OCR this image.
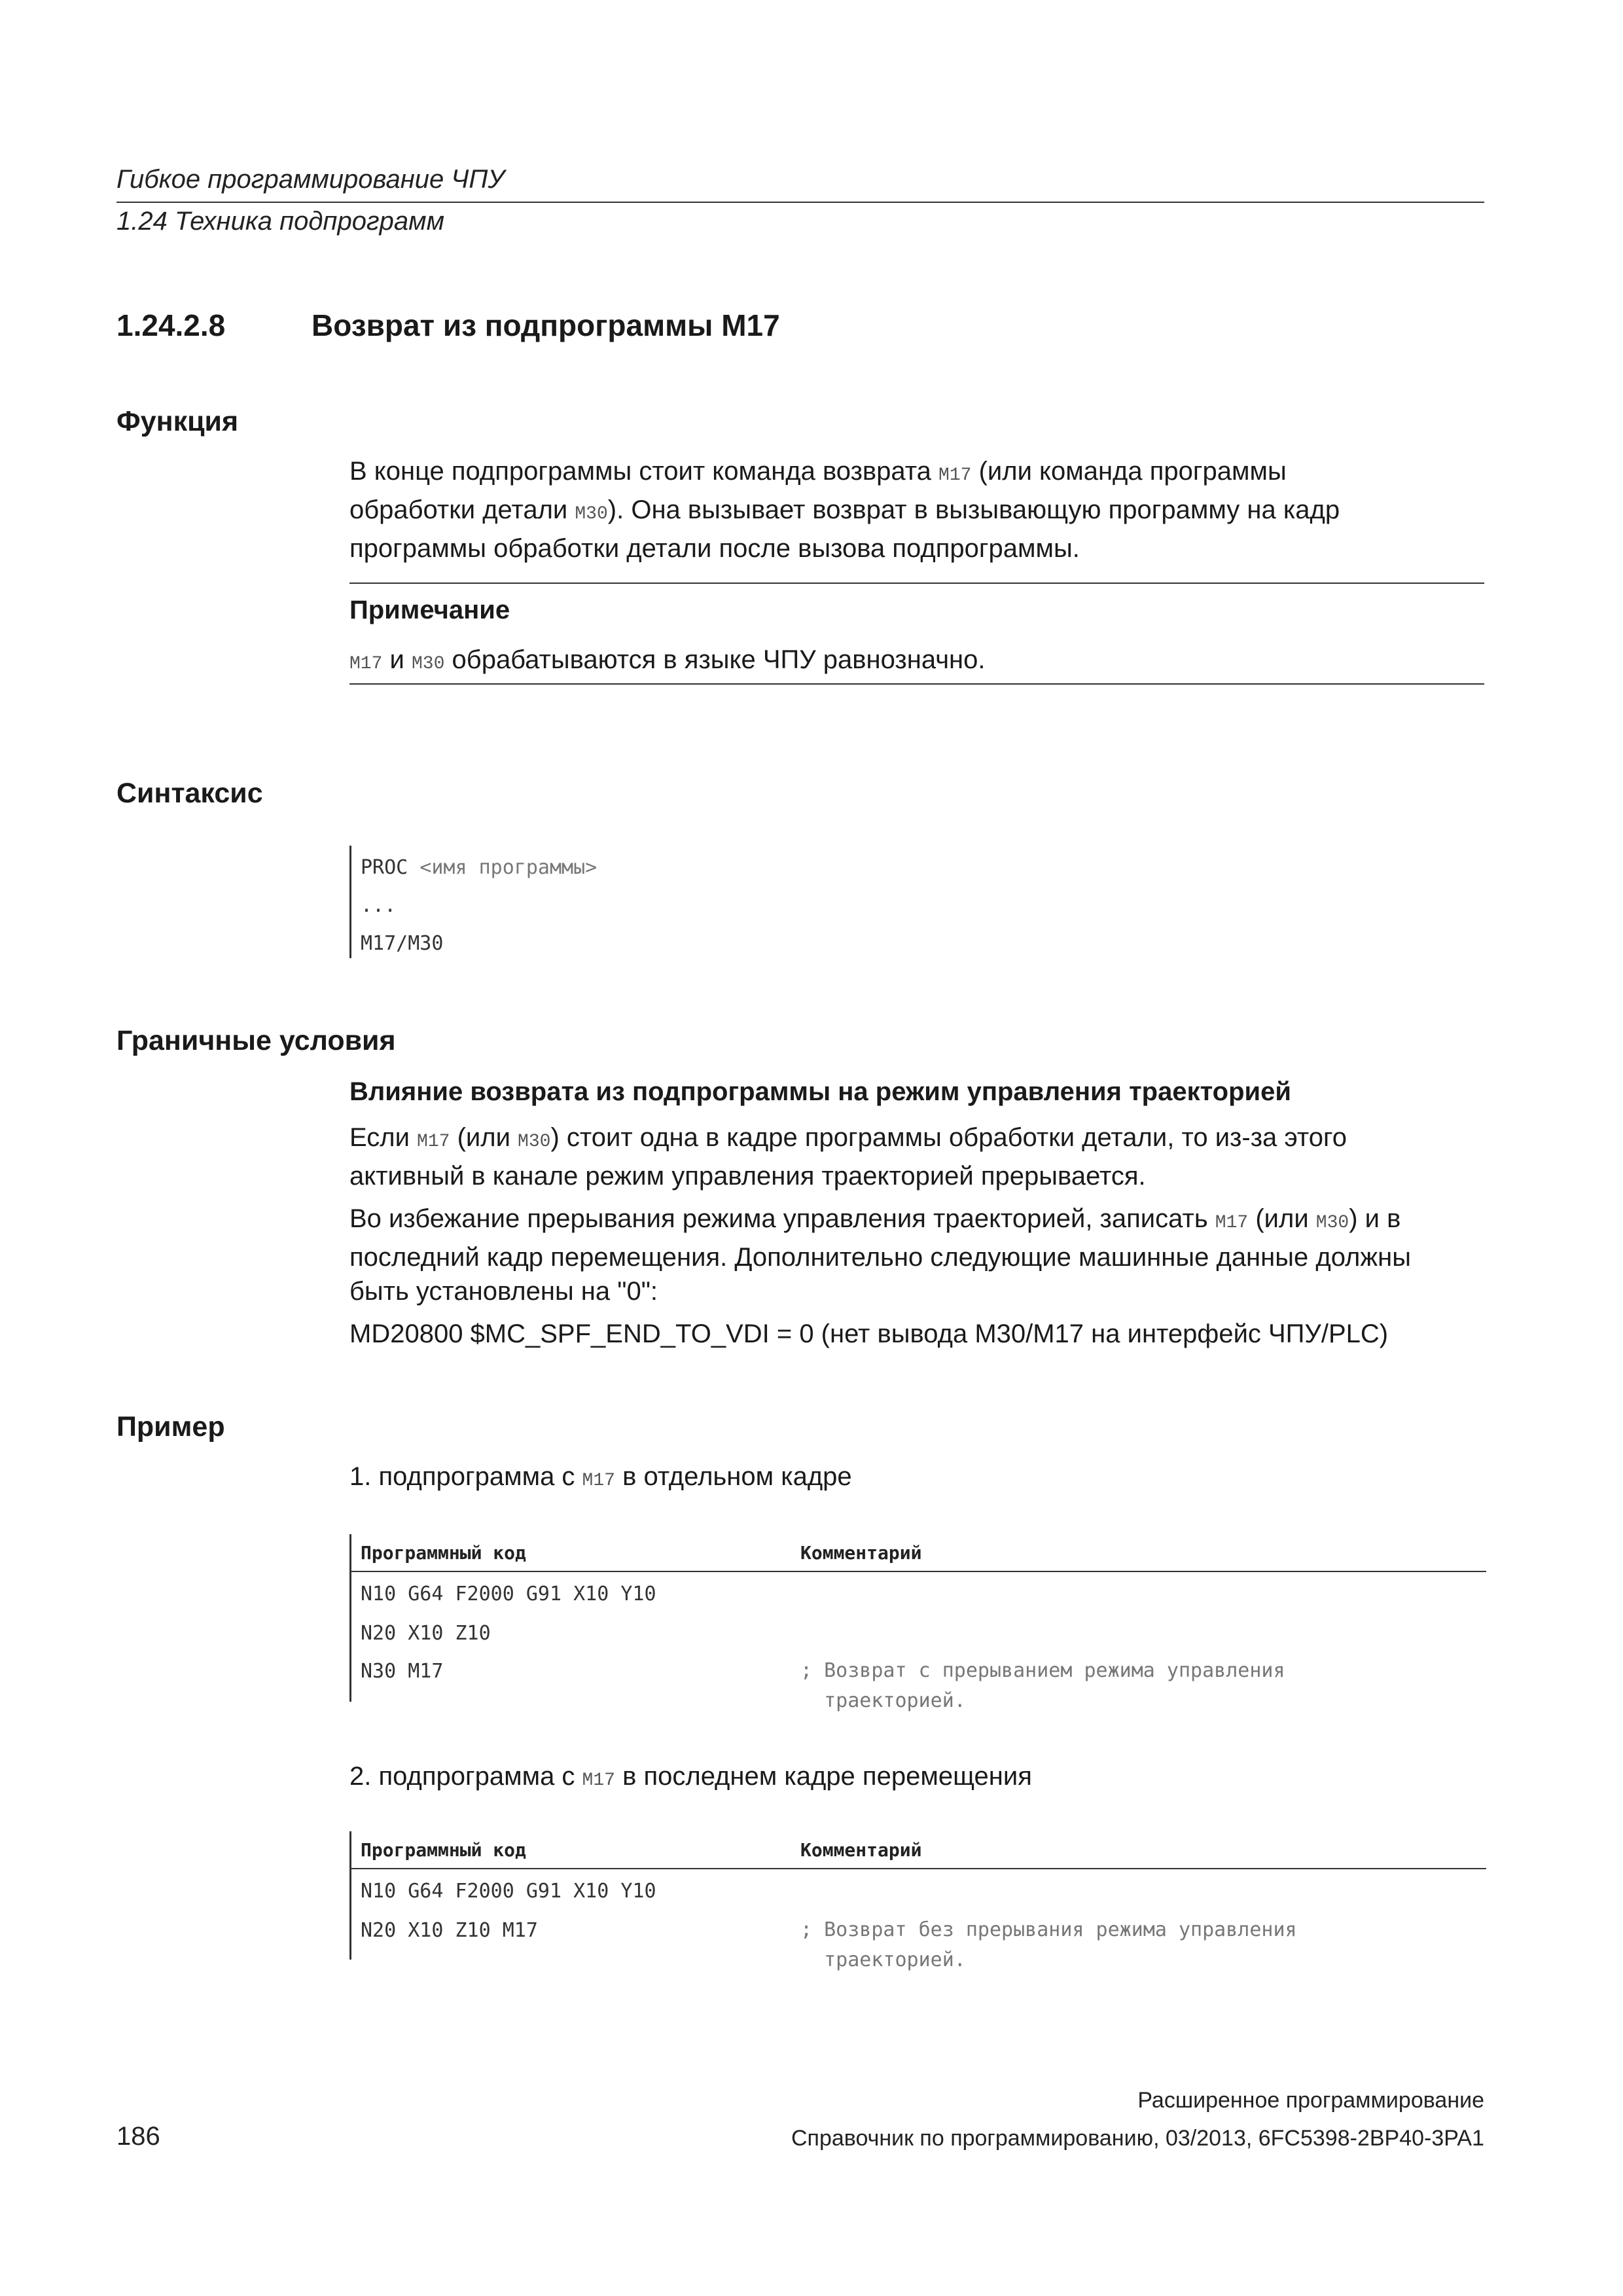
Гибкое программирование ЧПУ
1.24 Техника подпрограмм
1.24.2.8	Возврат из подпрограммы M17
Функция
В конце подпрограммы стоит команда возврата M17 (или команда программы
обработки детали M30). Она вызывает возврат в вызывающую программу на кадр
программы обработки детали после вызова подпрограммы.
Примечание
M17 и M30 обрабатываются в языке ЧПУ равнозначно.
Синтаксис
PROC <имя программы>
...
M17/M30
Граничные условия
Влияние возврата из подпрограммы на режим управления траекторией
Если M17 (или M30) стоит одна в кадре программы обработки детали, то из-за этого
активный в канале режим управления траекторией прерывается.
Во избежание прерывания режима управления траекторией, записать M17 (или M30) и в
последний кадр перемещения. Дополнительно следующие машинные данные должны
быть установлены на "0":
MD20800 $MC_SPF_END_TO_VDI = 0 (нет вывода M30/M17 на интерфейс ЧПУ/PLC)
Пример
1. подпрограмма с M17 в отдельном кадре
Программный код	Комментарий
N10 G64 F2000 G91 X10 Y10
N20 X10 Z10
N30 M17	; Возврат с прерыванием режима управления
траекторией.
2. подпрограмма с M17 в последнем кадре перемещения
Программный код	Комментарий
N10 G64 F2000 G91 X10 Y10
N20 X10 Z10 M17	; Возврат без прерывания режима управления
траекторией.
Расширенное программирование
186	Справочник по программированию, 03/2013, 6FC5398-2BP40-3PA1
